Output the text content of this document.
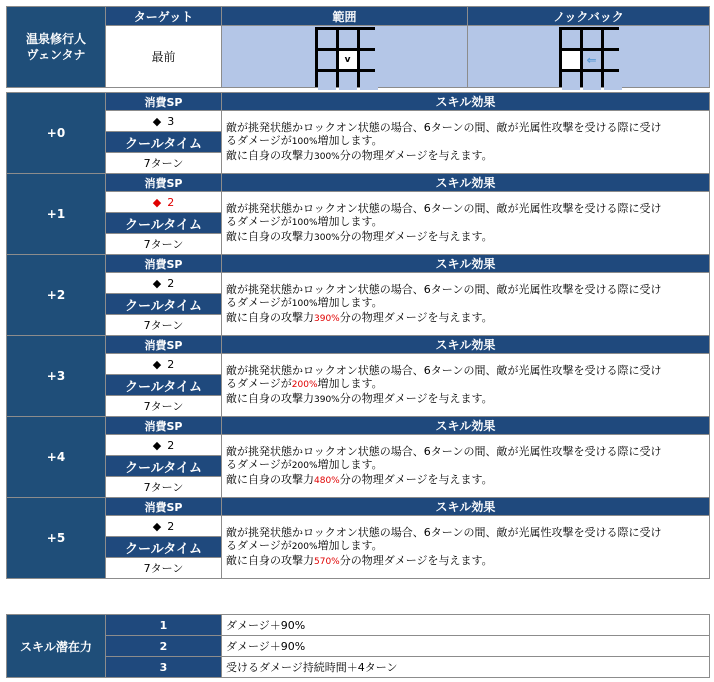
温泉修行人
ヴェンタナ	ターゲット	範囲	ノックバック
	最前	v	⇐
+0	消費SP	スキル効果
	◆ 3	敵が挑発状態かロックオン状態の場合、6ターンの間、敵が光属性攻撃を受ける際に受け
るダメージが100%増加します。
敵に自身の攻撃力300%分の物理ダメージを与えます。

	クールタイム	
	7ターン	
+1	消費SP	スキル効果
	◆ 2	敵が挑発状態かロックオン状態の場合、6ターンの間、敵が光属性攻撃を受ける際に受け
るダメージが100%増加します。
敵に自身の攻撃力300%分の物理ダメージを与えます。

	クールタイム	
	7ターン	
+2	消費SP	スキル効果
	◆ 2	敵が挑発状態かロックオン状態の場合、6ターンの間、敵が光属性攻撃を受ける際に受け
るダメージが100%増加します。
敵に自身の攻撃力390%分の物理ダメージを与えます。

	クールタイム	
	7ターン	
+3	消費SP	スキル効果
	◆ 2	敵が挑発状態かロックオン状態の場合、6ターンの間、敵が光属性攻撃を受ける際に受け
るダメージが200%増加します。
敵に自身の攻撃力390%分の物理ダメージを与えます。

	クールタイム	
	7ターン	
+4	消費SP	スキル効果
	◆ 2	敵が挑発状態かロックオン状態の場合、6ターンの間、敵が光属性攻撃を受ける際に受け
るダメージが200%増加します。
敵に自身の攻撃力480%分の物理ダメージを与えます。

	クールタイム	
	7ターン	
+5	消費SP	スキル効果
	◆ 2	敵が挑発状態かロックオン状態の場合、6ターンの間、敵が光属性攻撃を受ける際に受け
るダメージが200%増加します。
敵に自身の攻撃力570%分の物理ダメージを与えます。

	クールタイム	
	7ターン	
スキル潜在力	1	ダメージ＋90%
	2	ダメージ＋90%
	3	受けるダメージ持続時間＋4ターン
